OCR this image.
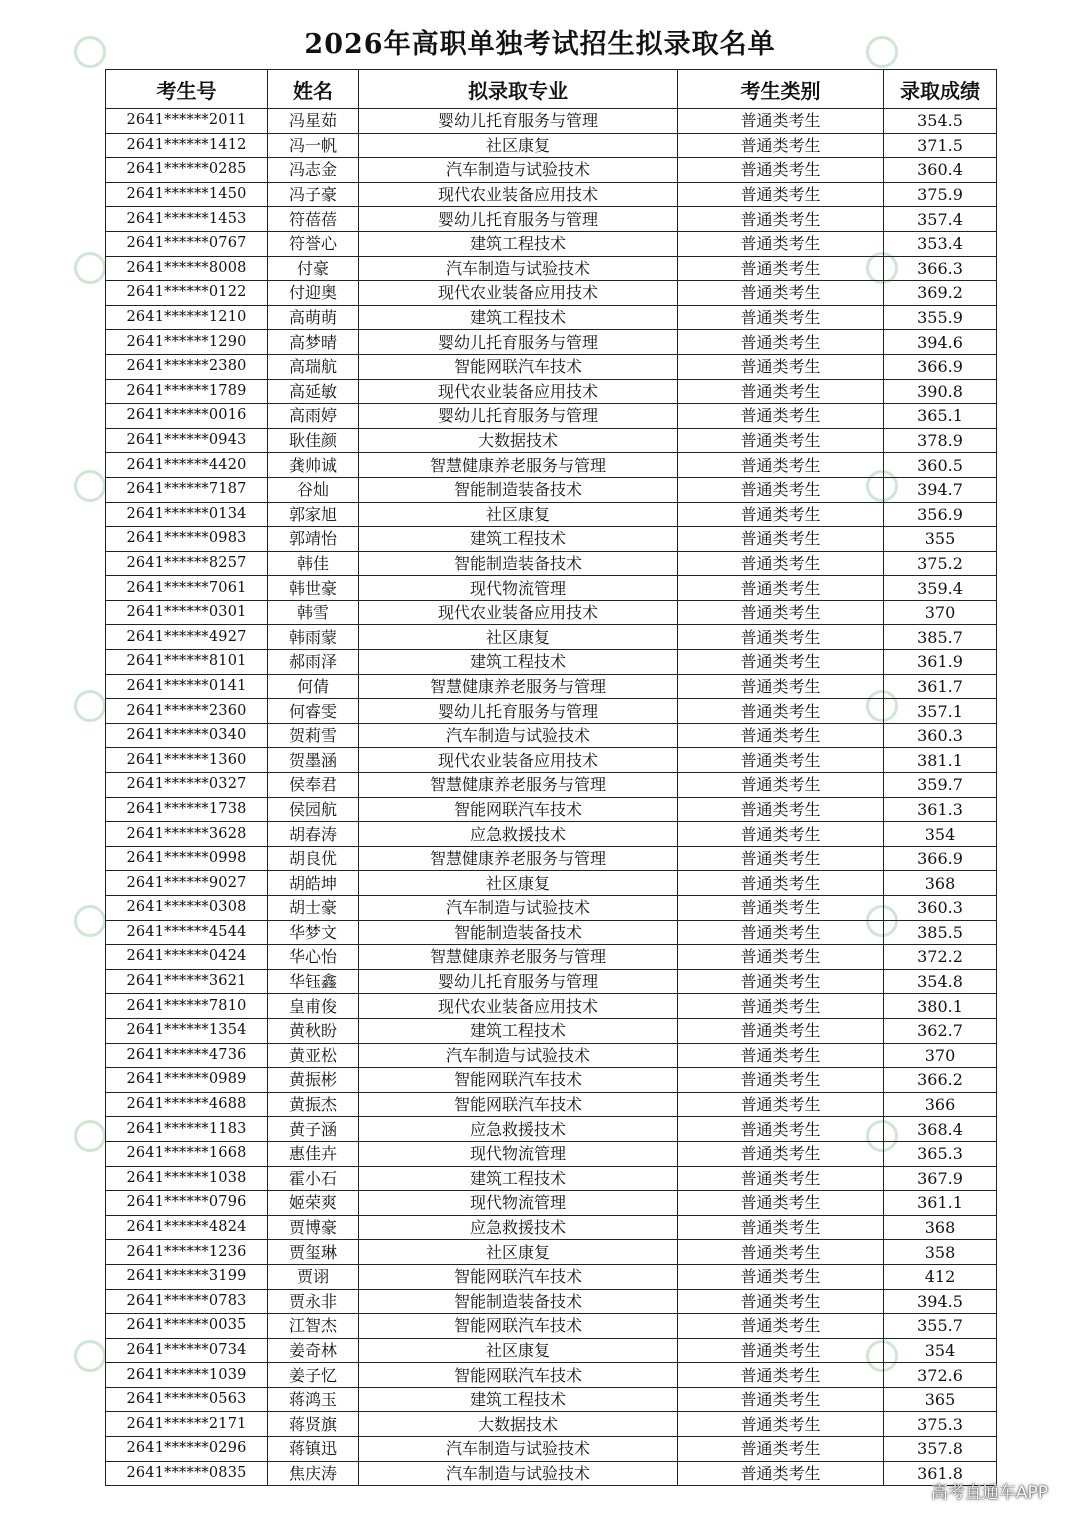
2026年高职单独考试招生拟录取名单
考生号	姓名	拟录取专业	考生类别	录取成绩
2641******2011	冯星茹	婴幼儿托育服务与管理	普通类考生	354.5
2641******1412	冯一帆	社区康复	普通类考生	371.5
2641******0285	冯志金	汽车制造与试验技术	普通类考生	360.4
2641******1450	冯子豪	现代农业装备应用技术	普通类考生	375.9
2641******1453	符蓓蓓	婴幼儿托育服务与管理	普通类考生	357.4
2641******0767	符誉心	建筑工程技术	普通类考生	353.4
2641******8008	付豪	汽车制造与试验技术	普通类考生	366.3
2641******0122	付迎奥	现代农业装备应用技术	普通类考生	369.2
2641******1210	高萌萌	建筑工程技术	普通类考生	355.9
2641******1290	高梦晴	婴幼儿托育服务与管理	普通类考生	394.6
2641******2380	高瑞航	智能网联汽车技术	普通类考生	366.9
2641******1789	高延敏	现代农业装备应用技术	普通类考生	390.8
2641******0016	高雨婷	婴幼儿托育服务与管理	普通类考生	365.1
2641******0943	耿佳颜	大数据技术	普通类考生	378.9
2641******4420	龚帅诚	智慧健康养老服务与管理	普通类考生	360.5
2641******7187	谷灿	智能制造装备技术	普通类考生	394.7
2641******0134	郭家旭	社区康复	普通类考生	356.9
2641******0983	郭靖怡	建筑工程技术	普通类考生	355
2641******8257	韩佳	智能制造装备技术	普通类考生	375.2
2641******7061	韩世豪	现代物流管理	普通类考生	359.4
2641******0301	韩雪	现代农业装备应用技术	普通类考生	370
2641******4927	韩雨蒙	社区康复	普通类考生	385.7
2641******8101	郝雨泽	建筑工程技术	普通类考生	361.9
2641******0141	何倩	智慧健康养老服务与管理	普通类考生	361.7
2641******2360	何睿雯	婴幼儿托育服务与管理	普通类考生	357.1
2641******0340	贺莉雪	汽车制造与试验技术	普通类考生	360.3
2641******1360	贺墨涵	现代农业装备应用技术	普通类考生	381.1
2641******0327	侯奉君	智慧健康养老服务与管理	普通类考生	359.7
2641******1738	侯园航	智能网联汽车技术	普通类考生	361.3
2641******3628	胡春涛	应急救援技术	普通类考生	354
2641******0998	胡良优	智慧健康养老服务与管理	普通类考生	366.9
2641******9027	胡皓坤	社区康复	普通类考生	368
2641******0308	胡士豪	汽车制造与试验技术	普通类考生	360.3
2641******4544	华梦文	智能制造装备技术	普通类考生	385.5
2641******0424	华心怡	智慧健康养老服务与管理	普通类考生	372.2
2641******3621	华钰鑫	婴幼儿托育服务与管理	普通类考生	354.8
2641******7810	皇甫俊	现代农业装备应用技术	普通类考生	380.1
2641******1354	黄秋盼	建筑工程技术	普通类考生	362.7
2641******4736	黄亚松	汽车制造与试验技术	普通类考生	370
2641******0989	黄振彬	智能网联汽车技术	普通类考生	366.2
2641******4688	黄振杰	智能网联汽车技术	普通类考生	366
2641******1183	黄子涵	应急救援技术	普通类考生	368.4
2641******1668	惠佳卉	现代物流管理	普通类考生	365.3
2641******1038	霍小石	建筑工程技术	普通类考生	367.9
2641******0796	姬荣爽	现代物流管理	普通类考生	361.1
2641******4824	贾博豪	应急救援技术	普通类考生	368
2641******1236	贾玺琳	社区康复	普通类考生	358
2641******3199	贾诩	智能网联汽车技术	普通类考生	412
2641******0783	贾永非	智能制造装备技术	普通类考生	394.5
2641******0035	江智杰	智能网联汽车技术	普通类考生	355.7
2641******0734	姜奇林	社区康复	普通类考生	354
2641******1039	姜子忆	智能网联汽车技术	普通类考生	372.6
2641******0563	蒋鸿玉	建筑工程技术	普通类考生	365
2641******2171	蒋贤旗	大数据技术	普通类考生	375.3
2641******0296	蒋镇迅	汽车制造与试验技术	普通类考生	357.8
2641******0835	焦庆涛	汽车制造与试验技术	普通类考生	361.8
高考直通车APP
